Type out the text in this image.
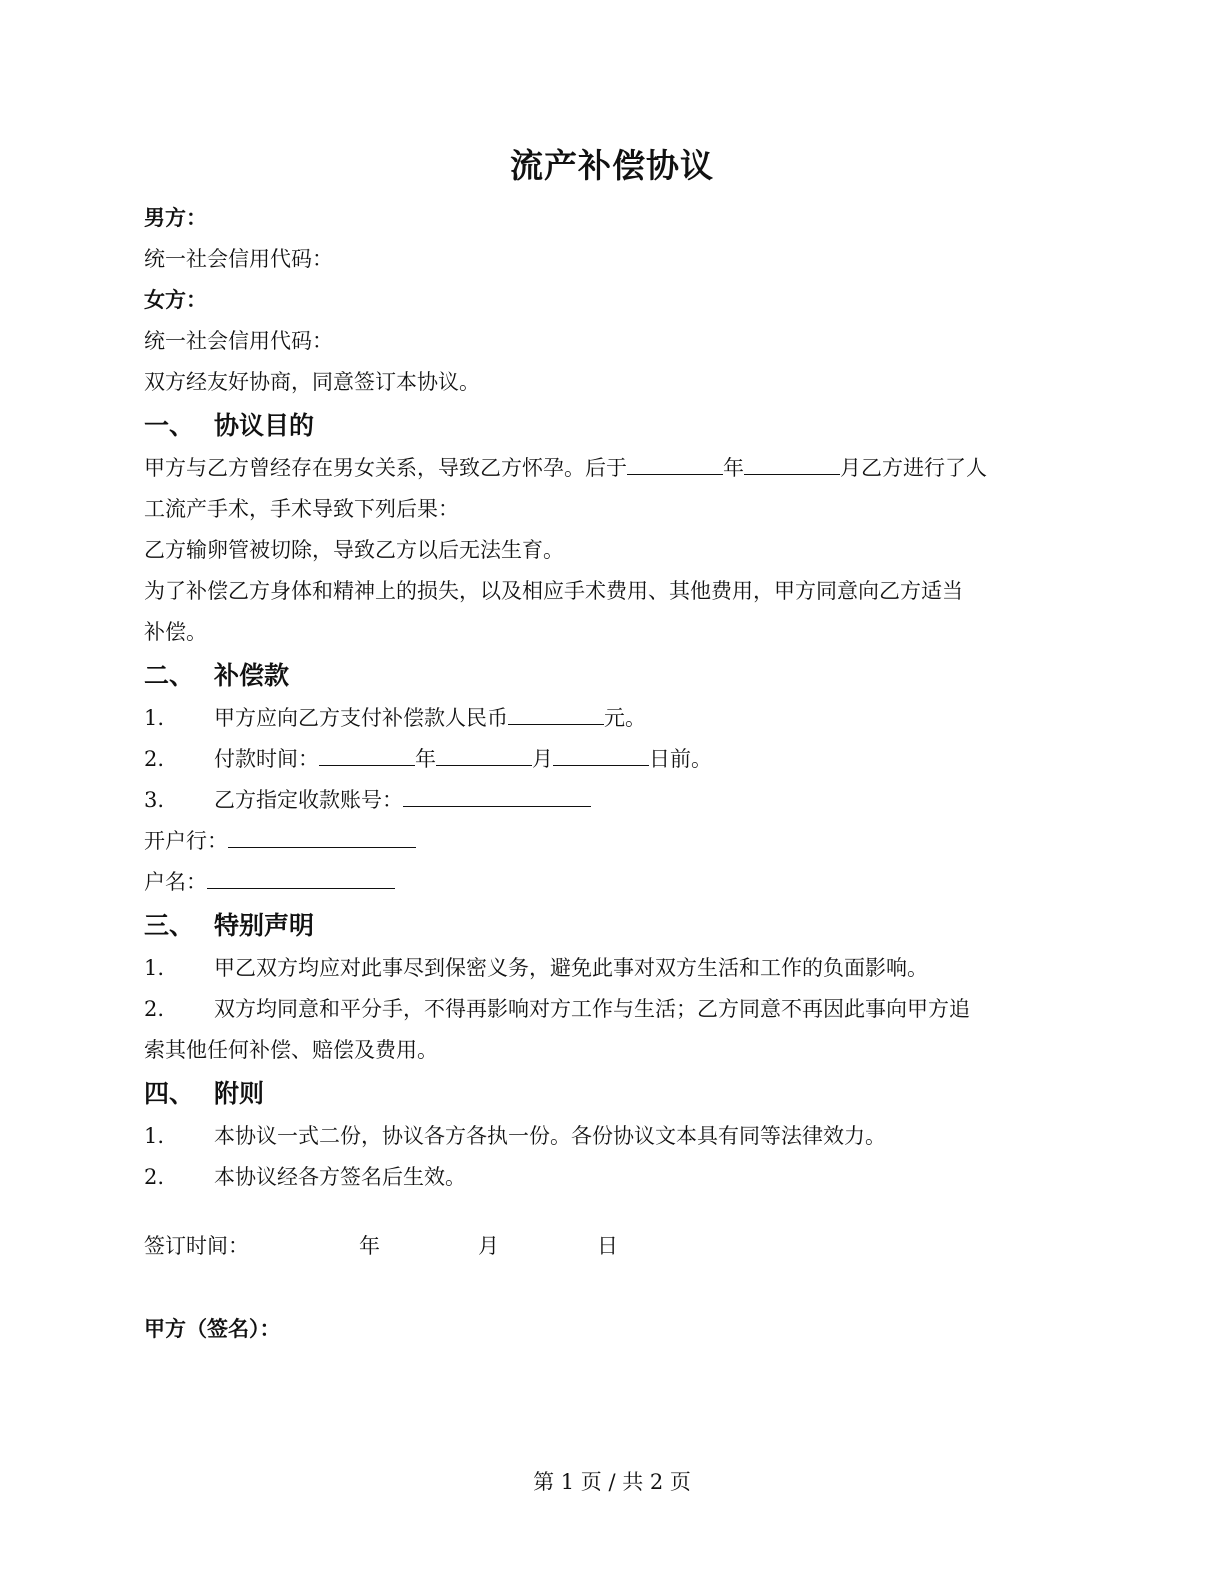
流产补偿协议
男方：
统一社会信用代码：
女方：
统一社会信用代码：
双方经友好协商，同意签订本协议。
一、 协议目的
甲方与乙方曾经存在男女关系，导致乙方怀孕。后于	年	月乙方进行了人
工流产手术，手术导致下列后果：
乙方输卵管被切除，导致乙方以后无法生育。
为了补偿乙方身体和精神上的损失，以及相应手术费用、其他费用，甲方同意向乙方适当
补偿。
二、 补偿款
1.	甲方应向乙方支付补偿款人民币	元。
2.	付款时间：	年	月	日前。
3.	乙方指定收款账号：
开户行：
户名：
三、 特别声明
1.	甲乙双方均应对此事尽到保密义务，避免此事对双方生活和工作的负面影响。
2.	双方均同意和平分手，不得再影响对方工作与生活；乙方同意不再因此事向甲方追
索其他任何补偿、赔偿及费用。
四、 附则
1.	本协议一式二份，协议各方各执一份。各份协议文本具有同等法律效力。
2.	本协议经各方签名后生效。
签订时间：	年	月	日
甲方（签名）：
第 1 页 / 共 2 页
